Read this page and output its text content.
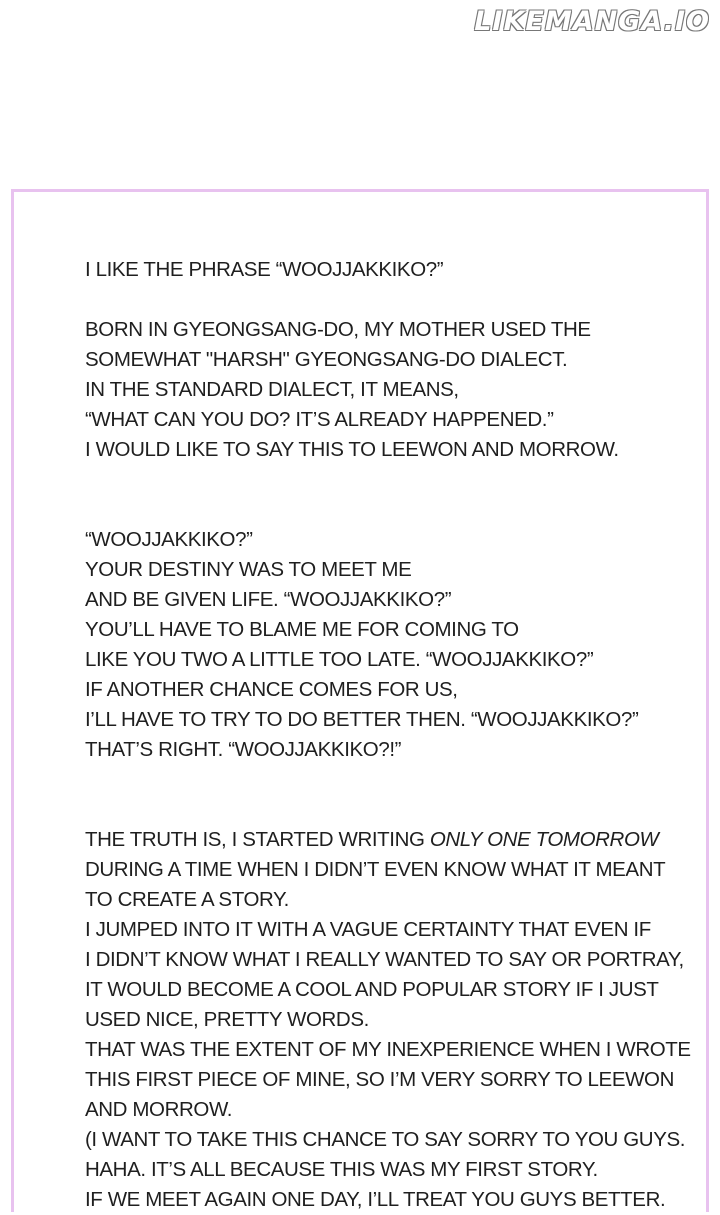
LIKEMANGA.IO
I LIKE THE PHRASE “WOOJJAKKIKO?”
BORN IN GYEONGSANG-DO, MY MOTHER USED THE
SOMEWHAT "HARSH" GYEONGSANG-DO DIALECT.
IN THE STANDARD DIALECT, IT MEANS,
“WHAT CAN YOU DO? IT’S ALREADY HAPPENED.”
I WOULD LIKE TO SAY THIS TO LEEWON AND MORROW.
“WOOJJAKKIKO?”
YOUR DESTINY WAS TO MEET ME
AND BE GIVEN LIFE. “WOOJJAKKIKO?”
YOU’LL HAVE TO BLAME ME FOR COMING TO
LIKE YOU TWO A LITTLE TOO LATE. “WOOJJAKKIKO?”
IF ANOTHER CHANCE COMES FOR US,
I’LL HAVE TO TRY TO DO BETTER THEN. “WOOJJAKKIKO?”
THAT’S RIGHT. “WOOJJAKKIKO?!”
THE TRUTH IS, I STARTED WRITING ONLY ONE TOMORROW
DURING A TIME WHEN I DIDN’T EVEN KNOW WHAT IT MEANT
TO CREATE A STORY.
I JUMPED INTO IT WITH A VAGUE CERTAINTY THAT EVEN IF
I DIDN’T KNOW WHAT I REALLY WANTED TO SAY OR PORTRAY,
IT WOULD BECOME A COOL AND POPULAR STORY IF I JUST
USED NICE, PRETTY WORDS.
THAT WAS THE EXTENT OF MY INEXPERIENCE WHEN I WROTE
THIS FIRST PIECE OF MINE, SO I’M VERY SORRY TO LEEWON
AND MORROW.
(I WANT TO TAKE THIS CHANCE TO SAY SORRY TO YOU GUYS.
HAHA. IT’S ALL BECAUSE THIS WAS MY FIRST STORY.
IF WE MEET AGAIN ONE DAY, I’LL TREAT YOU GUYS BETTER.
